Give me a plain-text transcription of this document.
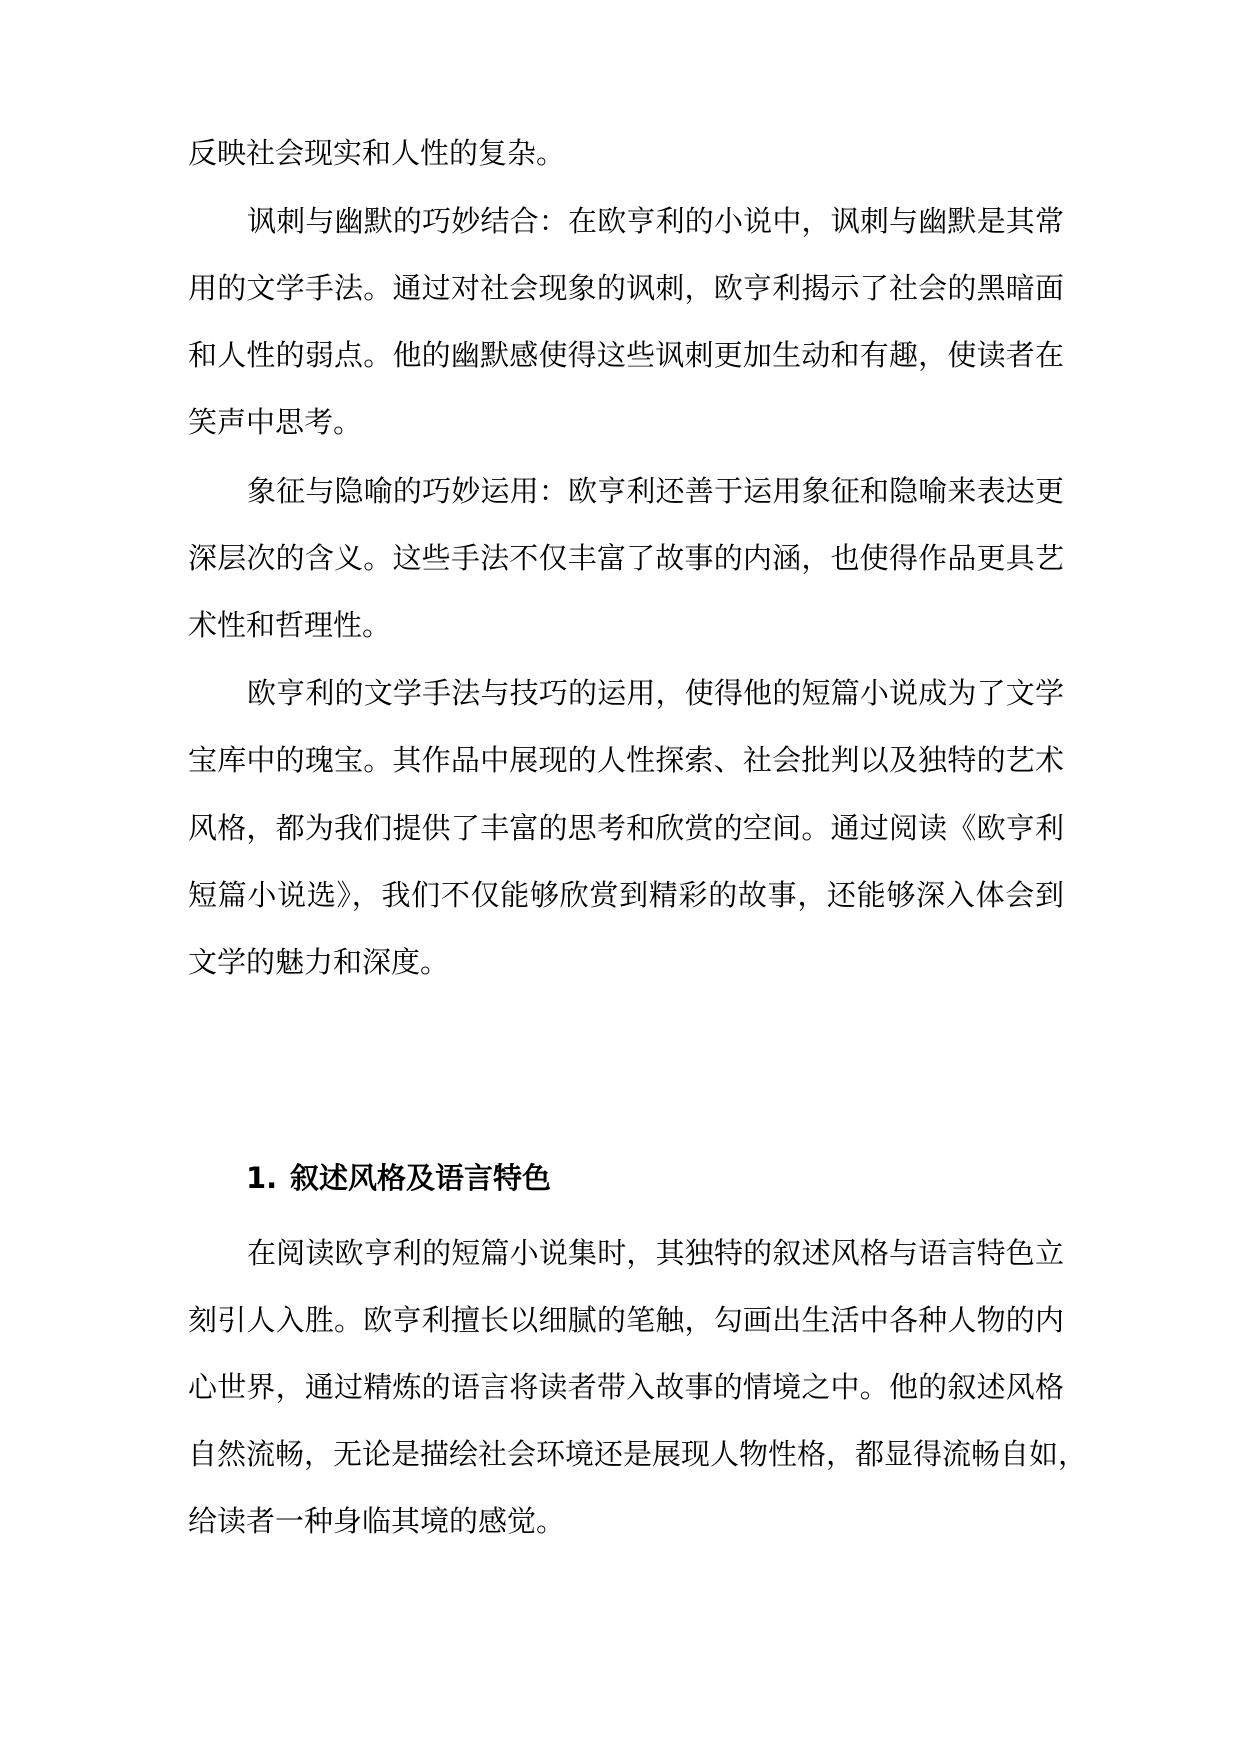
反映社会现实和人性的复杂。
讽刺与幽默的巧妙结合：在欧亨利的小说中，讽刺与幽默是其常
用的文学手法。通过对社会现象的讽刺，欧亨利揭示了社会的黑暗面
和人性的弱点。他的幽默感使得这些讽刺更加生动和有趣，使读者在
笑声中思考。
象征与隐喻的巧妙运用：欧亨利还善于运用象征和隐喻来表达更
深层次的含义。这些手法不仅丰富了故事的内涵，也使得作品更具艺
术性和哲理性。
欧亨利的文学手法与技巧的运用，使得他的短篇小说成为了文学
宝库中的瑰宝。其作品中展现的人性探索、社会批判以及独特的艺术
风格，都为我们提供了丰富的思考和欣赏的空间。通过阅读《欧亨利
短篇小说选》，我们不仅能够欣赏到精彩的故事，还能够深入体会到
文学的魅力和深度。
1. 叙述风格及语言特色
在阅读欧亨利的短篇小说集时，其独特的叙述风格与语言特色立
刻引人入胜。欧亨利擅长以细腻的笔触，勾画出生活中各种人物的内
心世界，通过精炼的语言将读者带入故事的情境之中。他的叙述风格
自然流畅，无论是描绘社会环境还是展现人物性格，都显得流畅自如，
给读者一种身临其境的感觉。
